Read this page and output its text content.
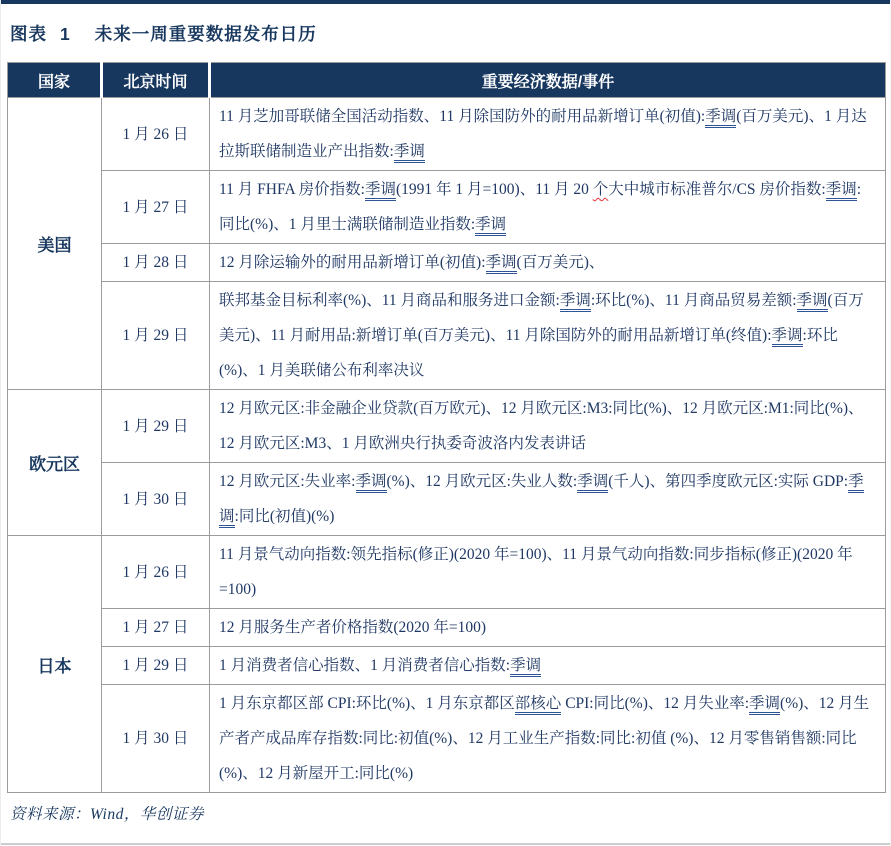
图表 1 未来一周重要数据发布日历
国家	北京时间	重要经济数据/事件
美国	1 月 26 日	11 月芝加哥联储全国活动指数、11 月除国防外的耐用品新增订单(初值):季调(百万美元)、1 月达拉斯联储制造业产出指数:季调
	1 月 27 日	11 月 FHFA 房价指数:季调(1991 年 1 月=100)、11 月 20 个大中城市标准普尔/CS 房价指数:季调:同比(%)、1 月里士满联储制造业指数:季调
	1 月 28 日	12 月除运输外的耐用品新增订单(初值):季调(百万美元)、
	1 月 29 日	联邦基金目标利率(%)、11 月商品和服务进口金额:季调:环比(%)、11 月商品贸易差额:季调(百万美元)、11 月耐用品:新增订单(百万美元)、11 月除国防外的耐用品新增订单(终值):季调:环比(%)、1 月美联储公布利率决议
欧元区	1 月 29 日	12 月欧元区:非金融企业贷款(百万欧元)、12 月欧元区:M3:同比(%)、12 月欧元区:M1:同比(%)、12 月欧元区:M3、1 月欧洲央行执委奇波洛内发表讲话
	1 月 30 日	12 月欧元区:失业率:季调(%)、12 月欧元区:失业人数:季调(千人)、第四季度欧元区:实际 GDP:季调:同比(初值)(%)
日本	1 月 26 日	11 月景气动向指数:领先指标(修正)(2020 年=100)、11 月景气动向指数:同步指标(修正)(2020 年=100)
	1 月 27 日	12 月服务生产者价格指数(2020 年=100)
	1 月 29 日	1 月消费者信心指数、1 月消费者信心指数:季调
	1 月 30 日	1 月东京都区部 CPI:环比(%)、1 月东京都区部核心 CPI:同比(%)、12 月失业率:季调(%)、12 月生产者产成品库存指数:同比:初值(%)、12 月工业生产指数:同比:初值 (%)、12 月零售销售额:同比(%)、12 月新屋开工:同比(%)
资料来源：Wind，华创证券
